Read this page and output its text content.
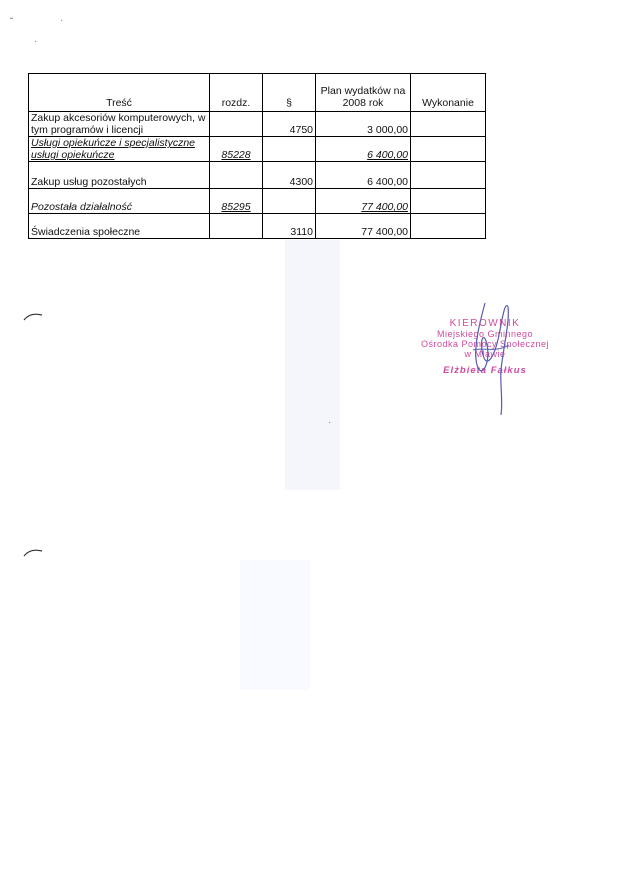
˘	·
·
Treść	rozdz.	§	Plan wydatków na 2008 rok	Wykonanie
Zakup akcesoriów komputerowych, w tym programów i licencji		4750	3 000,00	
Usługi opiekuńcze i specjalistyczne usługi opiekuńcze	85228		6 400,00	
Zakup usług pozostałych		4300	6 400,00	
Pozostała działalność	85295		77 400,00	
Świadczenia społeczne		3110	77 400,00	
KIEROWNIK
Miejskiego Gminnego
Ośrodka Pomocy Społecznej
w Mławie
Elżbieta Fałkus
·
